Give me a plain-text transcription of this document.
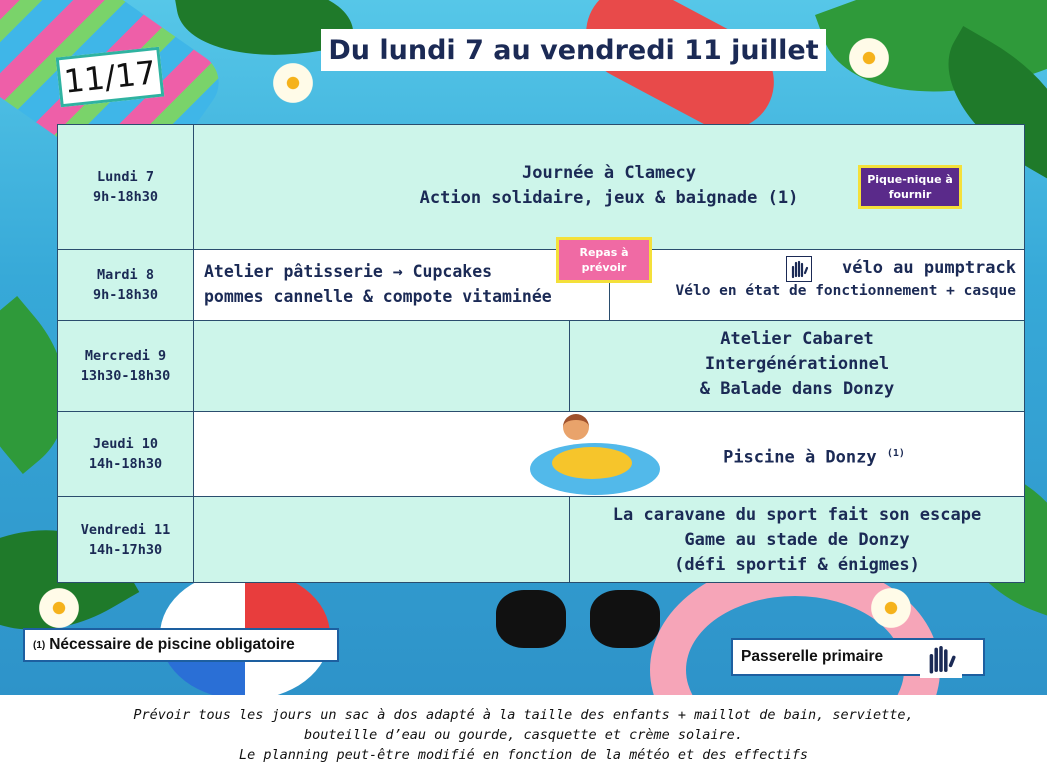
Du lundi 7 au vendredi 11 juillet
11/17
Lundi 7
9h-18h30
Mardi 8
9h-18h30
Mercredi 9
13h30-18h30
Jeudi 10
14h-18h30
Vendredi 11
14h-17h30
Journée à Clamecy
Action solidaire, jeux & baignade (1)
Atelier pâtisserie → Cupcakes
pommes cannelle & compote vitaminée
vélo au pumptrack
Vélo en état de fonctionnement + casque
Atelier Cabaret
Intergénérationnel
& Balade dans Donzy
Piscine à Donzy $^{(1)}$
La caravane du sport fait son escape
Game au stade de Donzy
(défi sportif & énigmes)
Pique-nique à fournir
Repas à prévoir
(1) Nécessaire de piscine obligatoire
Passerelle primaire
Prévoir tous les jours un sac à dos adapté à la taille des enfants + maillot de bain, serviette,
bouteille d’eau ou gourde, casquette et crème solaire.
Le planning peut-être modifié en fonction de la météo et des effectifs
